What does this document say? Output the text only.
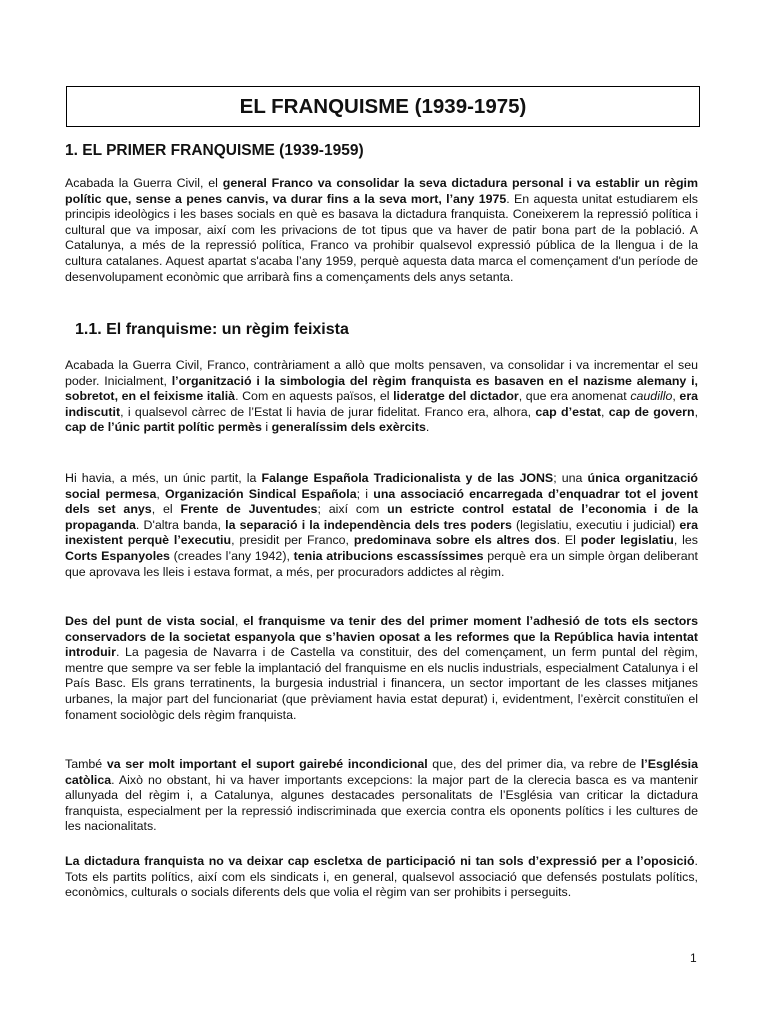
EL FRANQUISME (1939-1975)
1. EL PRIMER FRANQUISME (1939-1959)

Acabada la Guerra Civil, el general Franco va consolidar la seva dictadura personal i va establir un règim polític que, sense a penes canvis, va durar fins a la seva mort, l’any 1975. En aquesta unitat estudiarem els principis ideològics i les bases socials en què es basava la dictadura franquista. Coneixerem la repressió política i cultural que va imposar, així com les privacions de tot tipus que va haver de patir bona part de la població. A Catalunya, a més de la repressió política, Franco va prohibir qualsevol expressió pública de la llengua i de la cultura catalanes. Aquest apartat s'acaba l’any 1959, perquè aquesta data marca el començament d'un període de desenvolupament econòmic que arribarà fins a començaments dels anys setanta.

1.1. El franquisme: un règim feixista

Acabada la Guerra Civil, Franco, contràriament a allò que molts pensaven, va consolidar i va incrementar el seu poder. Inicialment, l’organització i la simbologia del règim franquista es basaven en el nazisme alemany i, sobretot, en el feixisme italià. Com en aquests països, el lideratge del dictador, que era anomenat caudillo, era indiscutit, i qualsevol càrrec de l’Estat li havia de jurar fidelitat. Franco era, alhora, cap d’estat, cap de govern, cap de l’únic partit polític permès i generalíssim dels exèrcits.

Hi havia, a més, un únic partit, la Falange Española Tradicionalista y de las JONS; una única organització social permesa, Organización Sindical Española; i una associació encarregada d’enquadrar tot el jovent dels set anys, el Frente de Juventudes; així com un estricte control estatal de l’economia i de la propaganda. D'altra banda, la separació i la independència dels tres poders (legislatiu, executiu i judicial) era inexistent perquè l’executiu, presidit per Franco, predominava sobre els altres dos. El poder legislatiu, les Corts Espanyoles (creades l’any 1942), tenia atribucions escassíssimes perquè era un simple òrgan deliberant que aprovava les lleis i estava format, a més, per procuradors addictes al règim.

Des del punt de vista social, el franquisme va tenir des del primer moment l’adhesió de tots els sectors conservadors de la societat espanyola que s’havien oposat a les reformes que la República havia intentat introduir. La pagesia de Navarra i de Castella va constituir, des del començament, un ferm puntal del règim, mentre que sempre va ser feble la implantació del franquisme en els nuclis industrials, especialment Catalunya i el País Basc. Els grans terratinents, la burgesia industrial i financera, un sector important de les classes mitjanes urbanes, la major part del funcionariat (que prèviament havia estat depurat) i, evidentment, l’exèrcit constituïen el fonament sociològic dels règim franquista.

També va ser molt important el suport gairebé incondicional que, des del primer dia, va rebre de l’Església catòlica. Això no obstant, hi va haver importants excepcions: la major part de la clerecia basca es va mantenir allunyada del règim i, a Catalunya, algunes destacades personalitats de l’Església van criticar la dictadura franquista, especialment per la repressió indiscriminada que exercia contra els oponents polítics i les cultures de les nacionalitats.

La dictadura franquista no va deixar cap escletxa de participació ni tan sols d’expressió per a l’oposició. Tots els partits polítics, així com els sindicats i, en general, qualsevol associació que defensés postulats polítics, econòmics, culturals o socials diferents dels que volia el règim van ser prohibits i perseguits.

1
